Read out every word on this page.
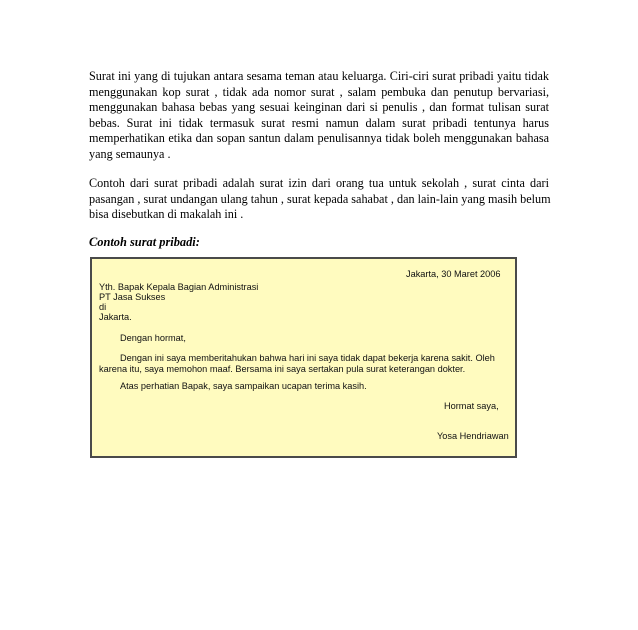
Surat ini yang di tujukan antara sesama teman atau keluarga. Ciri-ciri surat pribadi yaitu tidak
menggunakan kop surat , tidak ada nomor surat , salam pembuka dan penutup bervariasi,
menggunakan bahasa bebas yang sesuai keinginan dari si penulis , dan format tulisan surat
bebas. Surat ini tidak termasuk surat resmi namun dalam surat pribadi tentunya harus
memperhatikan etika dan sopan santun dalam penulisannya tidak boleh menggunakan bahasa
yang semaunya .
Contoh dari surat pribadi adalah surat izin dari orang tua untuk sekolah , surat cinta dari
pasangan , surat undangan ulang tahun , surat kepada sahabat , dan lain-lain yang masih belum
bisa disebutkan di makalah ini .
Contoh surat pribadi:
Jakarta, 30 Maret 2006
Yth. Bapak Kepala Bagian Administrasi
PT Jasa Sukses
di
Jakarta.
Dengan hormat,
Dengan ini saya memberitahukan bahwa hari ini saya tidak dapat bekerja karena sakit. Oleh
karena itu, saya memohon maaf. Bersama ini saya sertakan pula surat keterangan dokter.
Atas perhatian Bapak, saya sampaikan ucapan terima kasih.
Hormat saya,
Yosa Hendriawan
